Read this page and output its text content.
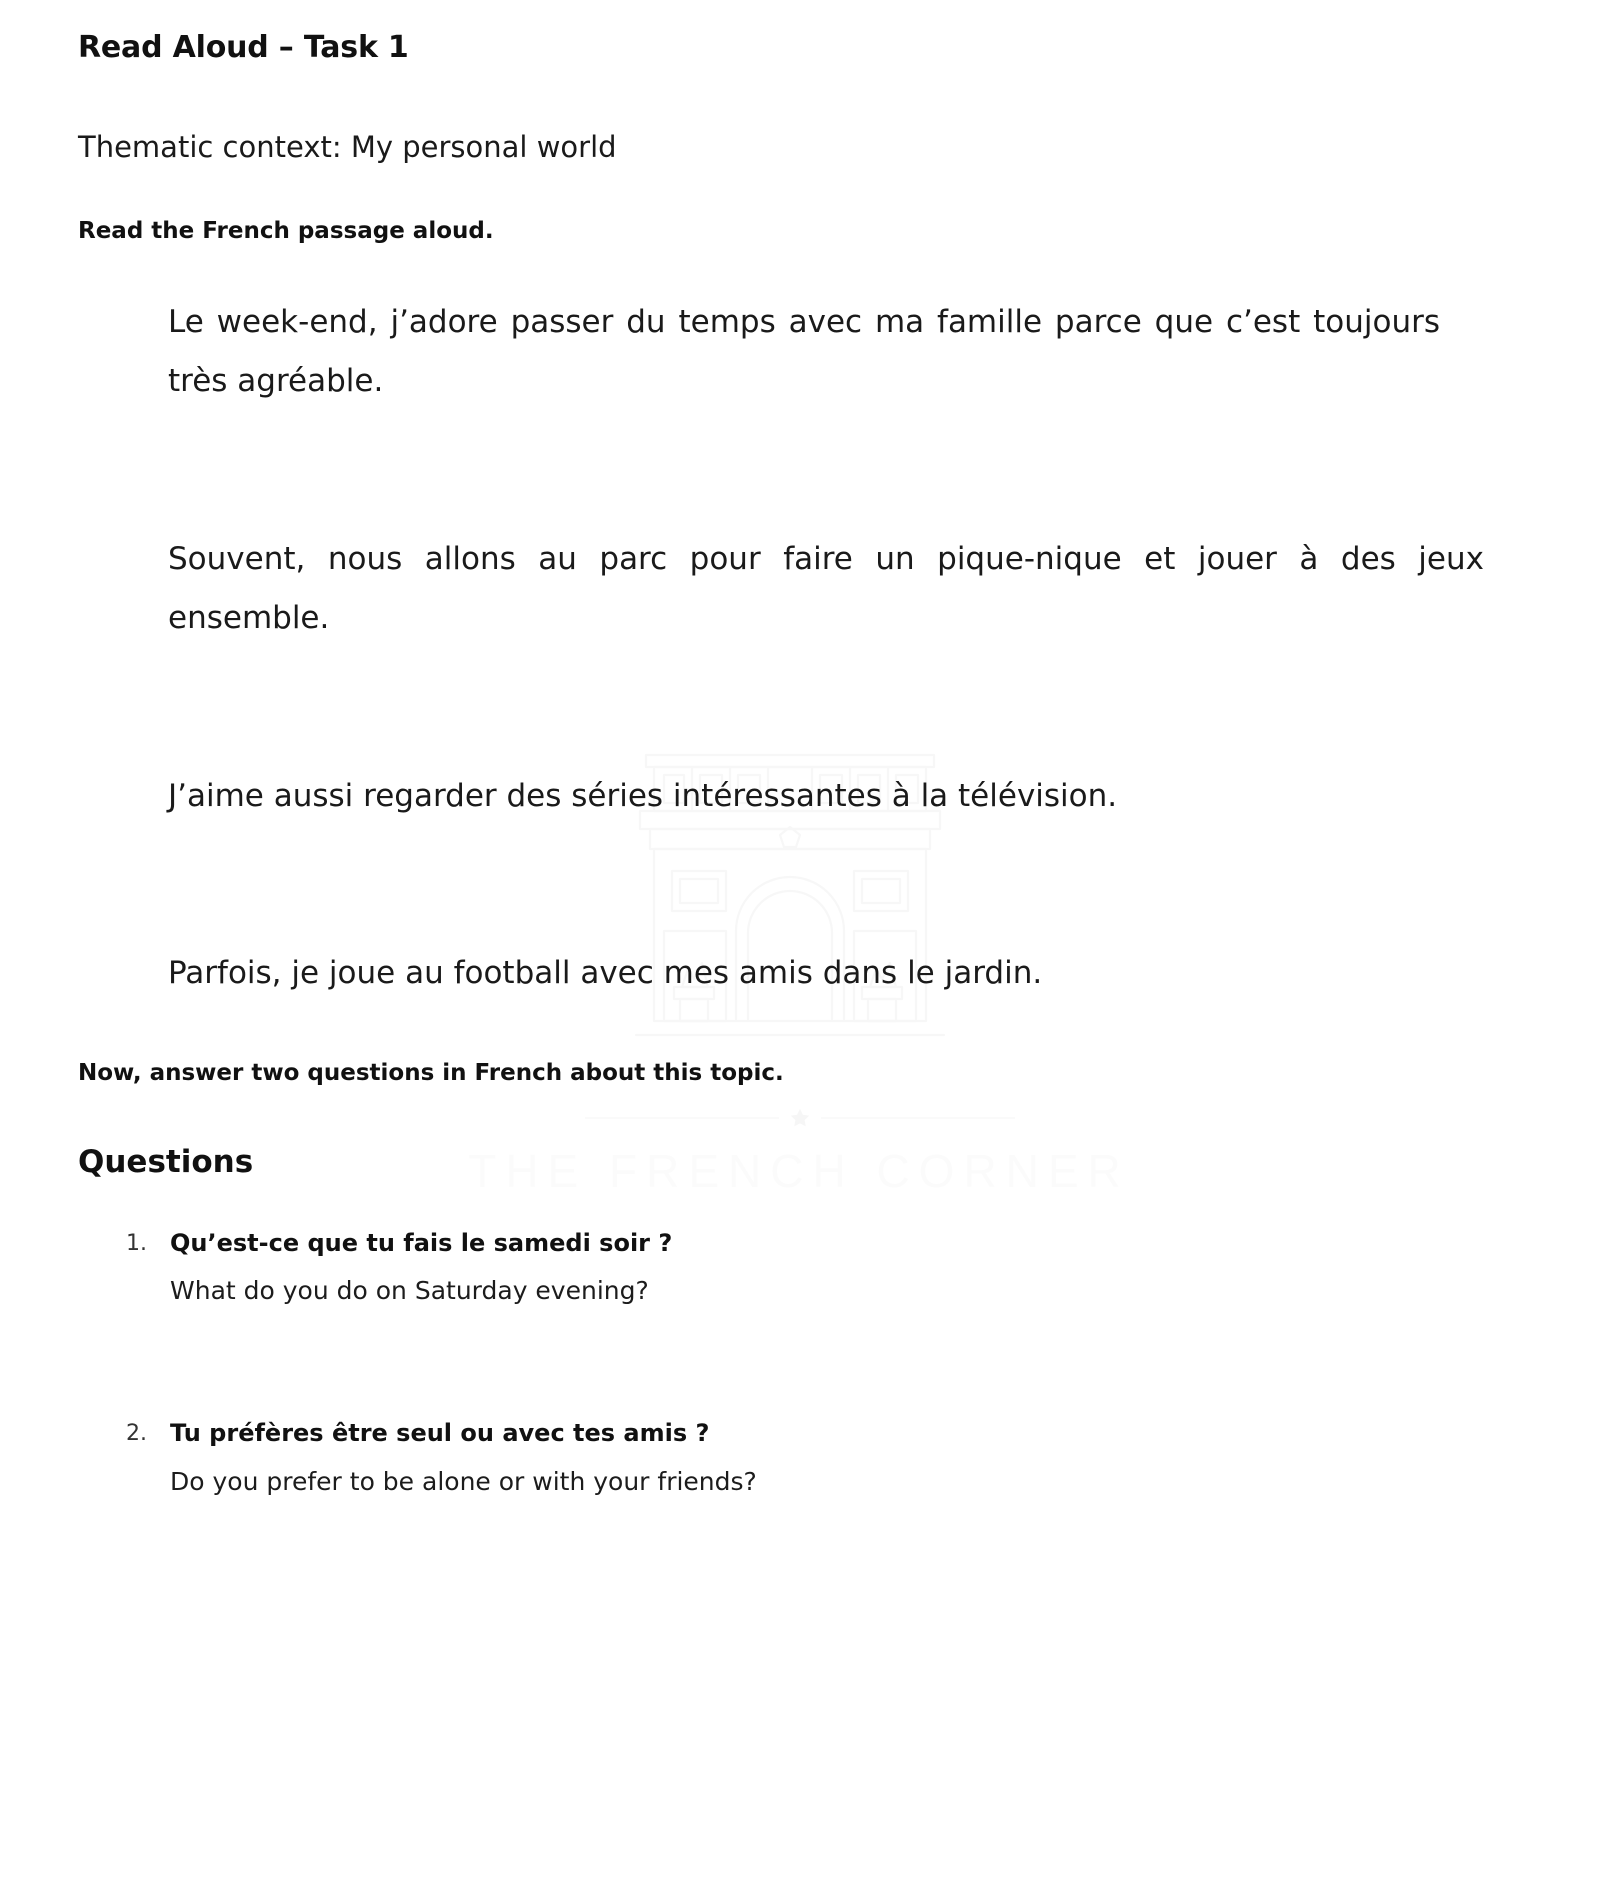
THE FRENCH CORNER
Read Aloud – Task 1

Thematic context: My personal world

Read the French passage aloud.

Le week-end, j’adore passer du temps avec ma famille parce que c’est toujours très agréable.

Souvent, nous allons au parc pour faire un pique-nique et jouer à des jeux ensemble.

J’aime aussi regarder des séries intéressantes à la télévision.

Parfois, je joue au football avec mes amis dans le jardin.

Now, answer two questions in French about this topic.

Questions
1. Qu’est-ce que tu fais le samedi soir ?

What do you do on Saturday evening?

2. Tu préfères être seul ou avec tes amis ?

Do you prefer to be alone or with your friends?
